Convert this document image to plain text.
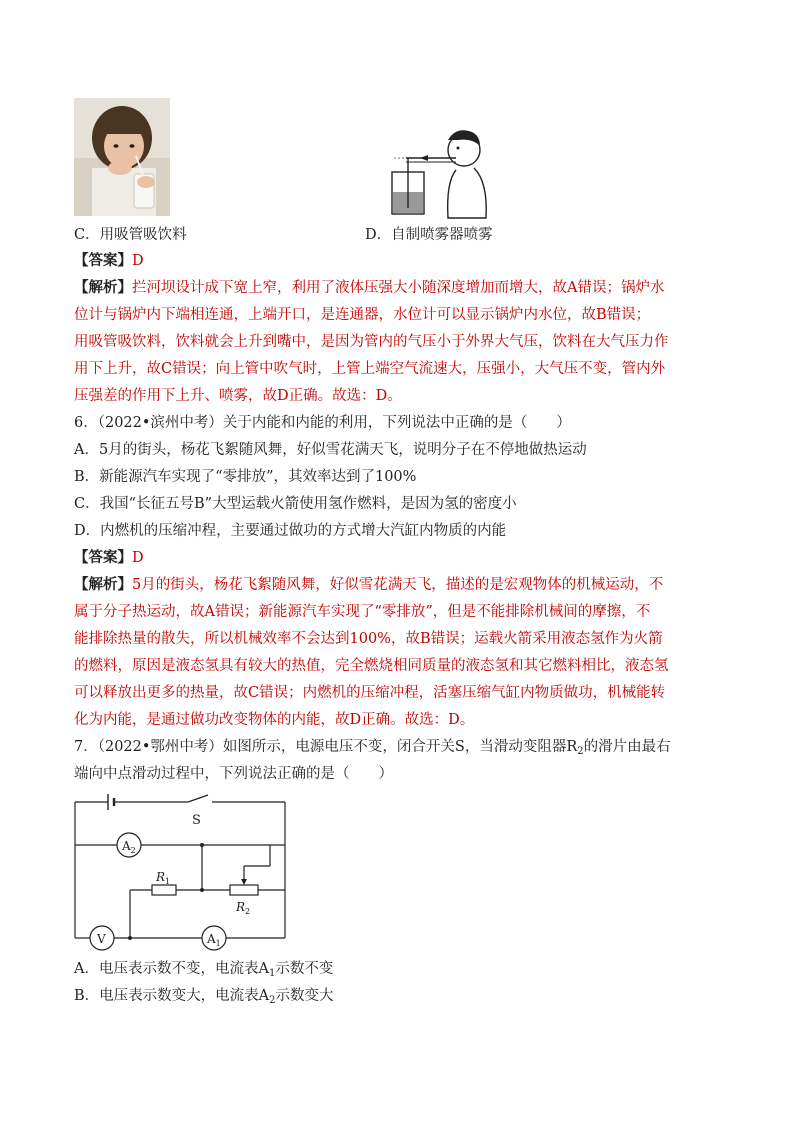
C．用吸管吸饮料	D．自制喷雾器喷雾
【答案】D
【解析】拦河坝设计成下宽上窄，利用了液体压强大小随深度增加而增大，故A错误；锅炉水
位计与锅炉内下端相连通，上端开口，是连通器，水位计可以显示锅炉内水位，故B错误；
用吸管吸饮料，饮料就会上升到嘴中，是因为管内的气压小于外界大气压，饮料在大气压力作
用下上升，故C错误；向上管中吹气时，上管上端空气流速大，压强小，大气压不变，管内外
压强差的作用下上升、喷雾，故D正确。故选：D。
6．（2022•滨州中考）关于内能和内能的利用，下列说法中正确的是（　　）
A．5月的街头，杨花飞絮随风舞，好似雪花满天飞，说明分子在不停地做热运动
B．新能源汽车实现了“零排放”，其效率达到了100%
C．我国“长征五号B”大型运载火箭使用氢作燃料，是因为氢的密度小
D．内燃机的压缩冲程，主要通过做功的方式增大汽缸内物质的内能
【答案】D
【解析】5月的街头，杨花飞絮随风舞，好似雪花满天飞，描述的是宏观物体的机械运动，不
属于分子热运动，故A错误；新能源汽车实现了“零排放”，但是不能排除机械间的摩擦，不
能排除热量的散失，所以机械效率不会达到100%，故B错误；运载火箭采用液态氢作为火箭
的燃料，原因是液态氢具有较大的热值，完全燃烧相同质量的液态氢和其它燃料相比，液态氢
可以释放出更多的热量，故C错误；内燃机的压缩冲程，活塞压缩气缸内物质做功，机械能转
化为内能，是通过做功改变物体的内能，故D正确。故选：D。
7．（2022•鄂州中考）如图所示，电源电压不变，闭合开关S，当滑动变阻器$R_2$的滑片由最右
端向中点滑动过程中，下列说法正确的是（　　）
S
$A_2$
$R_1$
$R_2$
V	$A_1$
A．电压表示数不变，电流表$A_1$示数不变
B．电压表示数变大，电流表$A_2$示数变大
